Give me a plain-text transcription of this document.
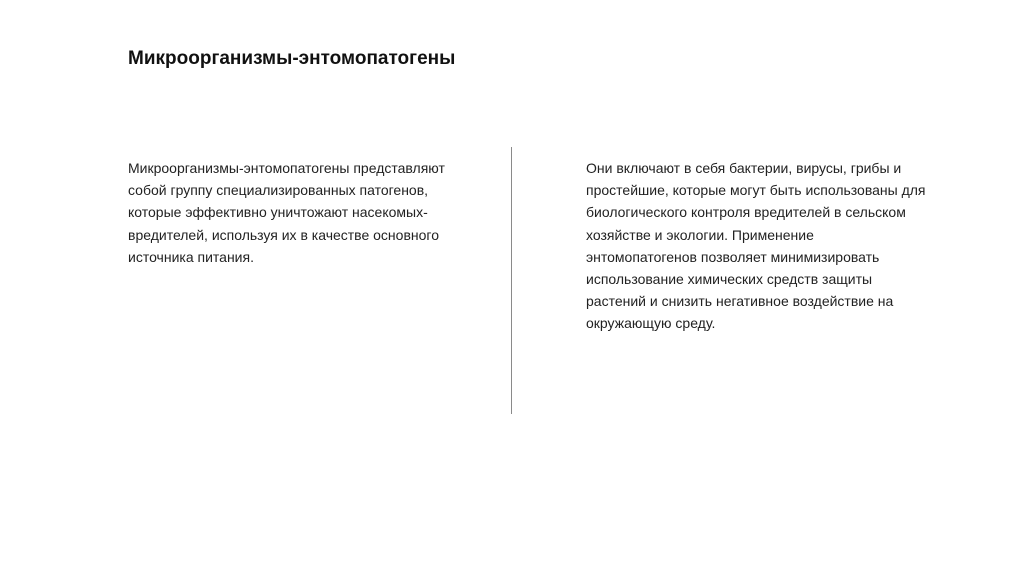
Микроорганизмы-энтомопатогены

Микроорганизмы-энтомопатогены представляют собой группу специализированных патогенов, которые эффективно уничтожают насекомых-вредителей, используя их в качестве основного источника питания.

Они включают в себя бактерии, вирусы, грибы и простейшие, которые могут быть использованы для биологического контроля вредителей в сельском хозяйстве и экологии. Применение энтомопатогенов позволяет минимизировать использование химических средств защиты растений и снизить негативное воздействие на окружающую среду.
